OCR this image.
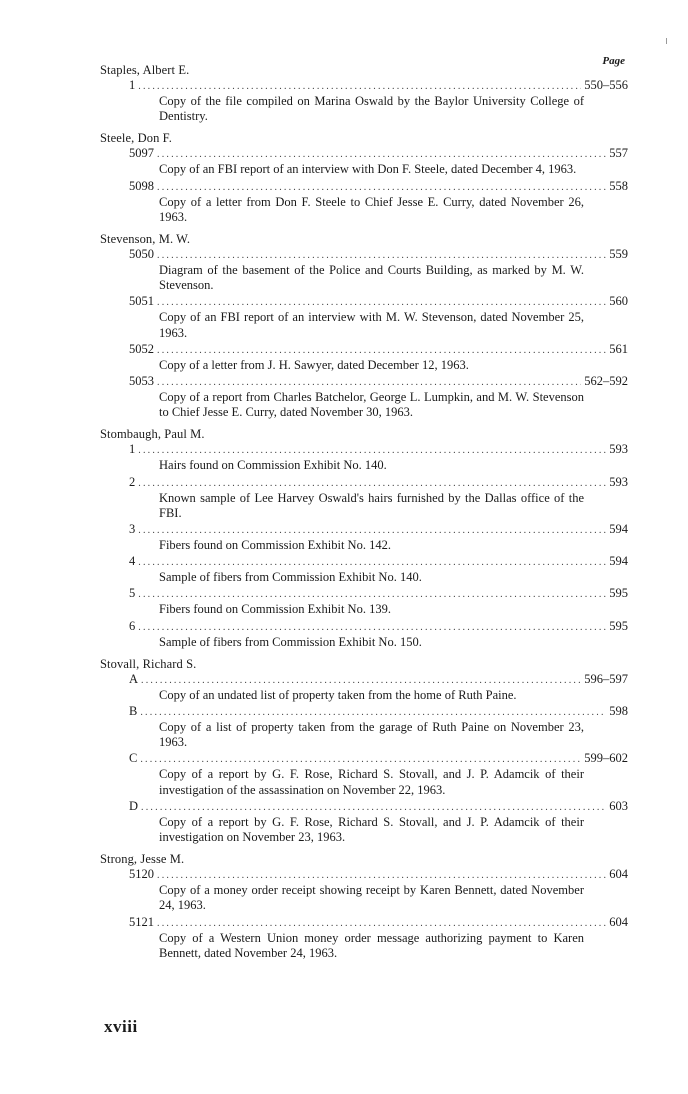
Page
Staples, Albert E.
1 .....	550–556
Copy of the file compiled on Marina Oswald by the Baylor University College of Dentistry.
Steele, Don F.
5097 .....	557
Copy of an FBI report of an interview with Don F. Steele, dated December 4, 1963.
5098 .....	558
Copy of a letter from Don F. Steele to Chief Jesse E. Curry, dated November 26, 1963.
Stevenson, M. W.
5050 .....	559
Diagram of the basement of the Police and Courts Building, as marked by M. W. Stevenson.
5051 .....	560
Copy of an FBI report of an interview with M. W. Stevenson, dated November 25, 1963.
5052 .....	561
Copy of a letter from J. H. Sawyer, dated December 12, 1963.
5053 .....	562–592
Copy of a report from Charles Batchelor, George L. Lumpkin, and M. W. Stevenson to Chief Jesse E. Curry, dated November 30, 1963.
Stombaugh, Paul M.
1 .....	593
Hairs found on Commission Exhibit No. 140.
2 .....	593
Known sample of Lee Harvey Oswald's hairs furnished by the Dallas office of the FBI.
3 .....	594
Fibers found on Commission Exhibit No. 142.
4 .....	594
Sample of fibers from Commission Exhibit No. 140.
5 .....	595
Fibers found on Commission Exhibit No. 139.
6 .....	595
Sample of fibers from Commission Exhibit No. 150.
Stovall, Richard S.
A .....	596–597
Copy of an undated list of property taken from the home of Ruth Paine.
B .....	598
Copy of a list of property taken from the garage of Ruth Paine on November 23, 1963.
C .....	599–602
Copy of a report by G. F. Rose, Richard S. Stovall, and J. P. Adamcik of their investigation of the assassination on November 22, 1963.
D .....	603
Copy of a report by G. F. Rose, Richard S. Stovall, and J. P. Adamcik of their investigation on November 23, 1963.
Strong, Jesse M.
5120 .....	604
Copy of a money order receipt showing receipt by Karen Bennett, dated November 24, 1963.
5121 .....	604
Copy of a Western Union money order message authorizing payment to Karen Bennett, dated November 24, 1963.
xviii
